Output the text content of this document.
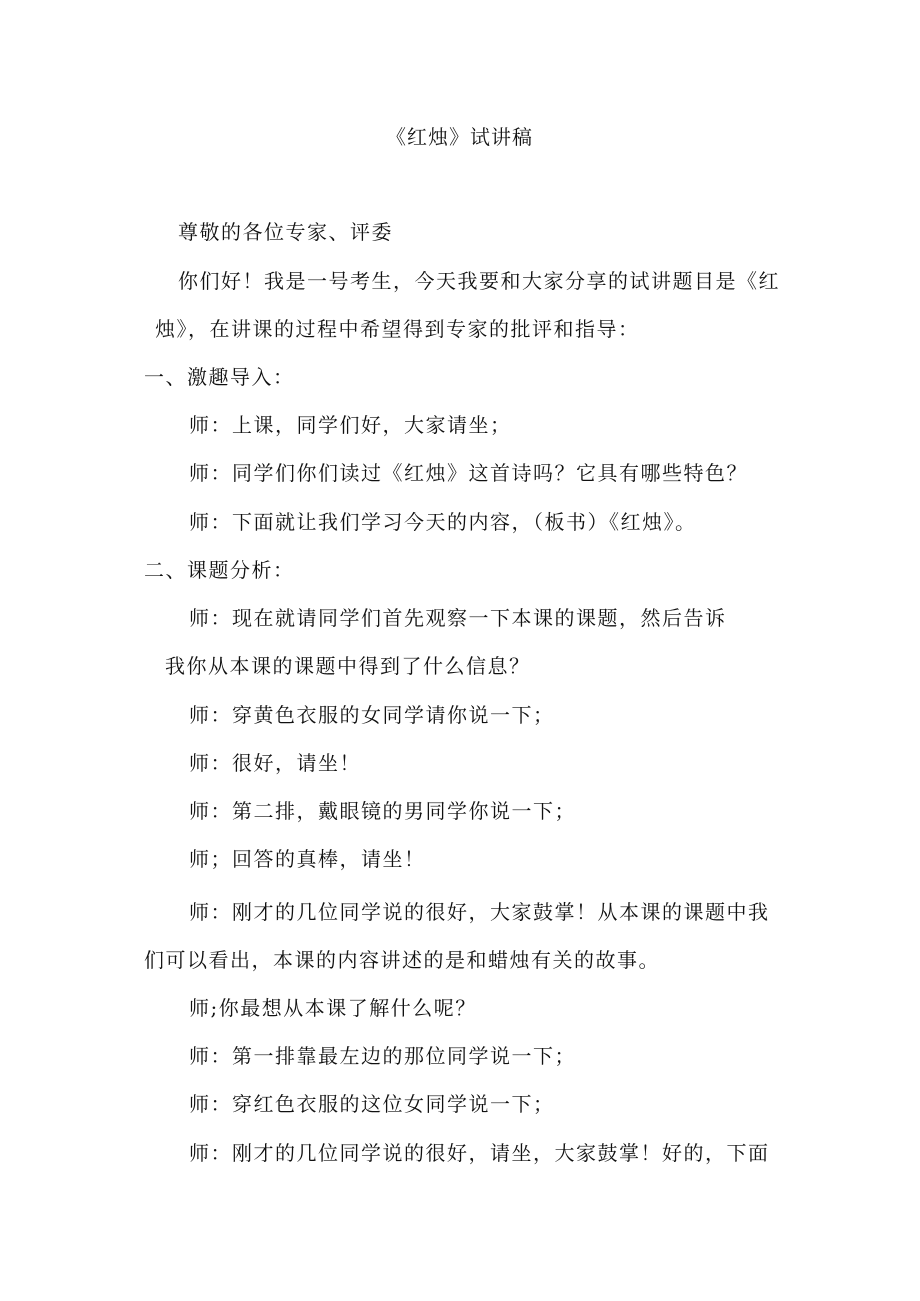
《红烛》试讲稿
尊敬的各位专家、评委
你们好！我是一号考生，今天我要和大家分享的试讲题目是《红
烛》，在讲课的过程中希望得到专家的批评和指导：
一、激趣导入：
师：上课，同学们好，大家请坐；
师：同学们你们读过《红烛》这首诗吗？它具有哪些特色？
师：下面就让我们学习今天的内容，（板书）《红烛》。
二、课题分析：
师：现在就请同学们首先观察一下本课的课题，然后告诉
我你从本课的课题中得到了什么信息？
师：穿黄色衣服的女同学请你说一下；
师：很好，请坐！
师：第二排，戴眼镜的男同学你说一下；
师；回答的真棒，请坐！
师：刚才的几位同学说的很好，大家鼓掌！从本课的课题中我
们可以看出，本课的内容讲述的是和蜡烛有关的故事。
师;你最想从本课了解什么呢？
师：第一排靠最左边的那位同学说一下；
师：穿红色衣服的这位女同学说一下；
师：刚才的几位同学说的很好，请坐，大家鼓掌！好的，下面
